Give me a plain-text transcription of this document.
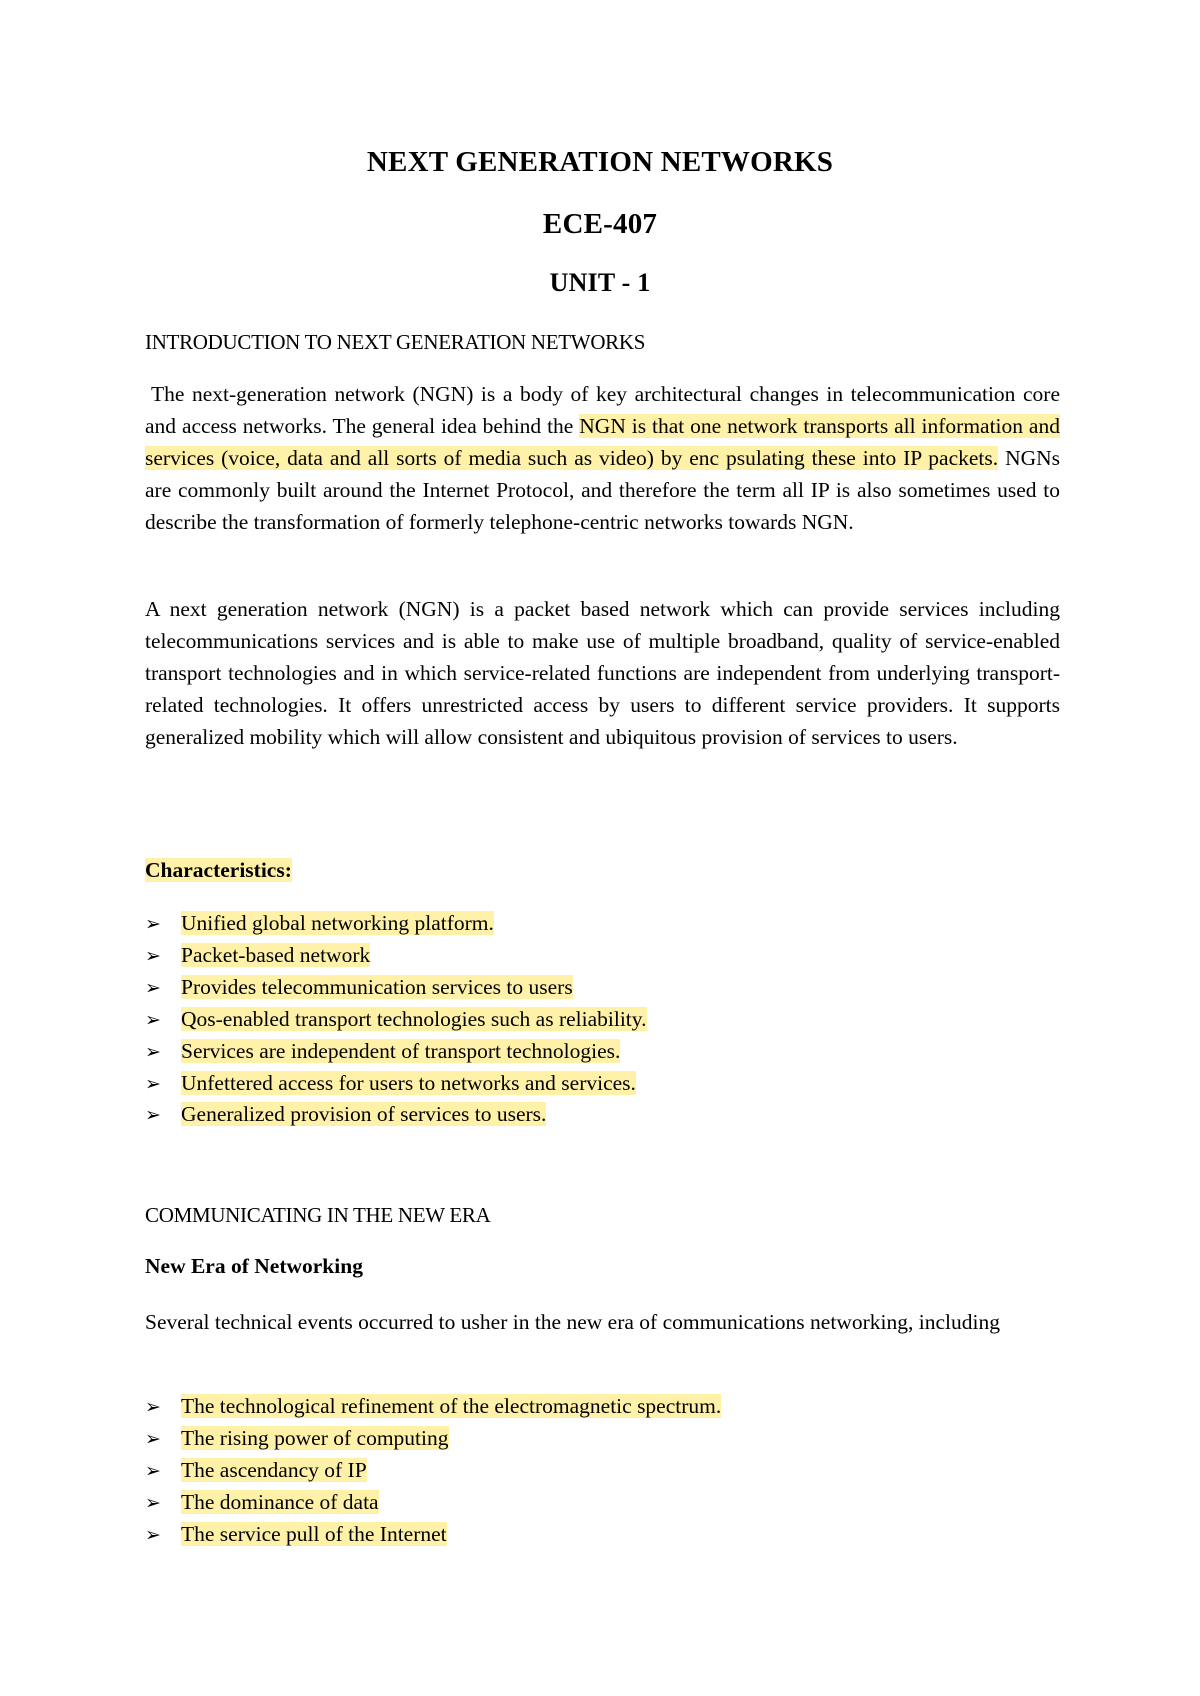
NEXT GENERATION NETWORKS
ECE-407
UNIT - 1
INTRODUCTION TO NEXT GENERATION NETWORKS
The next-generation network (NGN) is a body of key architectural changes in telecommunication core and access networks. The general idea behind the NGN is that one network transports all information and services (voice, data and all sorts of media such as video) by enc psulating these into IP packets. NGNs are commonly built around the Internet Protocol, and therefore the term all IP is also sometimes used to describe the transformation of formerly telephone-centric networks towards NGN.
A next generation network (NGN) is a packet based network which can provide services including telecommunications services and is able to make use of multiple broadband, quality of service-enabled transport technologies and in which service-related functions are independent from underlying transport-related technologies. It offers unrestricted access by users to different service providers. It supports generalized mobility which will allow consistent and ubiquitous provision of services to users.
Characteristics:
➢ Unified global networking platform.
➢ Packet-based network
➢ Provides telecommunication services to users
➢ Qos-enabled transport technologies such as reliability.
➢ Services are independent of transport technologies.
➢ Unfettered access for users to networks and services.
➢ Generalized provision of services to users.
COMMUNICATING IN THE NEW ERA
New Era of Networking
Several technical events occurred to usher in the new era of communications networking, including
➢ The technological refinement of the electromagnetic spectrum.
➢ The rising power of computing
➢ The ascendancy of IP
➢ The dominance of data
➢ The service pull of the Internet
